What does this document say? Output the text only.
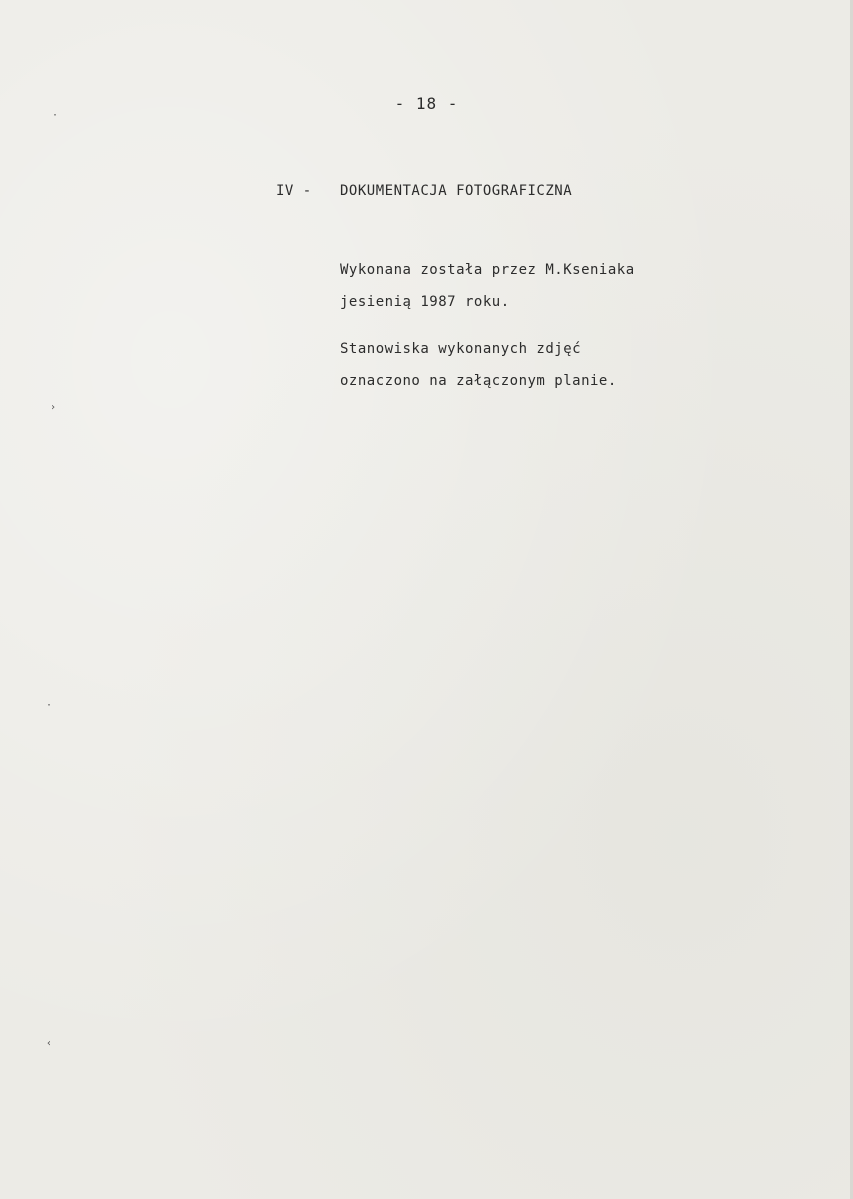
- 18 -
IV - DOKUMENTACJA FOTOGRAFICZNA
Wykonana została przez M.Kseniaka
jesienią 1987 roku.
Stanowiska wykonanych zdjęć
oznaczono na załączonym planie.
·
›
·
‹
